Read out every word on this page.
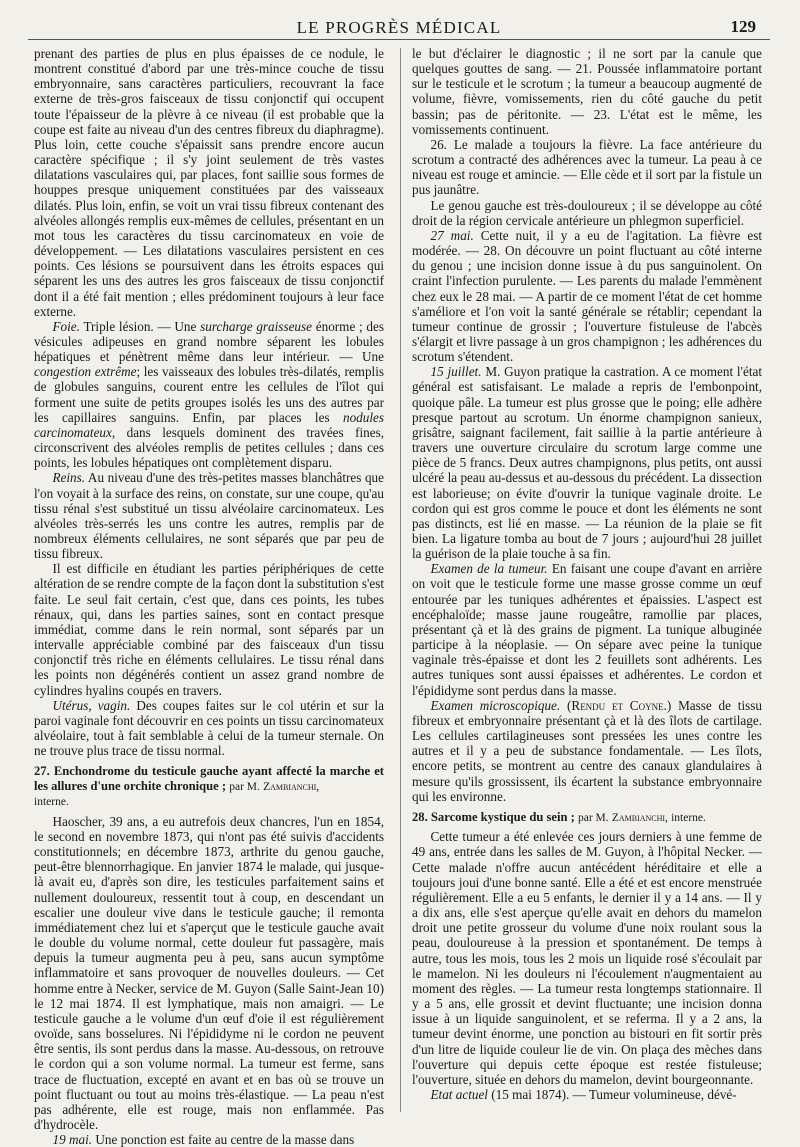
LE PROGRÈS MÉDICAL	129

prenant des parties de plus en plus épaisses de ce nodule, le montrent constitué d'abord par une très-mince couche de tissu embryonnaire, sans caractères particuliers, recouvrant la face externe de très-gros faisceaux de tissu conjonctif qui occupent toute l'épaisseur de la plèvre à ce niveau (il est probable que la coupe est faite au niveau d'un des centres fibreux du diaphragme). Plus loin, cette couche s'épaissit sans prendre encore aucun caractère spécifique ; il s'y joint seulement de très vastes dilatations vasculaires qui, par places, font saillie sous formes de houppes presque uniquement constituées par des vaisseaux dilatés. Plus loin, enfin, se voit un vrai tissu fibreux contenant des alvéoles allongés remplis eux-mêmes de cellules, présentant en un mot tous les caractères du tissu carcinomateux en voie de développement. — Les dilatations vasculaires persistent en ces points. Ces lésions se poursuivent dans les étroits espaces qui séparent les uns des autres les gros faisceaux de tissu conjonctif dont il a été fait mention ; elles prédominent toujours à leur face externe.

Foie. Triple lésion. — Une surcharge graisseuse énorme ; des vésicules adipeuses en grand nombre séparent les lobules hépatiques et pénètrent même dans leur intérieur. — Une congestion extrême; les vaisseaux des lobules très-dilatés, remplis de globules sanguins, courent entre les cellules de l'îlot qui forment une suite de petits groupes isolés les uns des autres par les capillaires sanguins. Enfin, par places les nodules carcinomateux, dans lesquels dominent des travées fines, circonscrivent des alvéoles remplis de petites cellules ; dans ces points, les lobules hépatiques ont complètement disparu.

Reins. Au niveau d'une des très-petites masses blanchâtres que l'on voyait à la surface des reins, on constate, sur une coupe, qu'au tissu rénal s'est substitué un tissu alvéolaire carcinomateux. Les alvéoles très-serrés les uns contre les autres, remplis par de nombreux éléments cellulaires, ne sont séparés que par peu de tissu fibreux.

Il est difficile en étudiant les parties périphériques de cette altération de se rendre compte de la façon dont la substitution s'est faite. Le seul fait certain, c'est que, dans ces points, les tubes rénaux, qui, dans les parties saines, sont en contact presque immédiat, comme dans le rein normal, sont séparés par un intervalle appréciable combiné par des faisceaux d'un tissu conjonctif très riche en éléments cellulaires. Le tissu rénal dans les points non dégénérés contient un assez grand nombre de cylindres hyalins coupés en travers.

Utérus, vagin. Des coupes faites sur le col utérin et sur la paroi vaginale font découvrir en ces points un tissu carcinomateux alvéolaire, tout à fait semblable à celui de la tumeur sternale. On ne trouve plus trace de tissu normal.

27. Enchondrome du testicule gauche ayant affecté la marche et les allures d'une orchite chronique ; par M. Zambianchi,
interne.

Haoscher, 39 ans, a eu autrefois deux chancres, l'un en 1854, le second en novembre 1873, qui n'ont pas été suivis d'accidents constitutionnels; en décembre 1873, arthrite du genou gauche, peut-être blennorrhagique. En janvier 1874 le malade, qui jusque-là avait eu, d'après son dire, les testicules parfaitement sains et nullement douloureux, ressentit tout à coup, en descendant un escalier une douleur vive dans le testicule gauche; il remonta immédiatement chez lui et s'aperçut que le testicule gauche avait le double du volume normal, cette douleur fut passagère, mais depuis la tumeur augmenta peu à peu, sans aucun symptôme inflammatoire et sans provoquer de nouvelles douleurs. — Cet homme entre à Necker, service de M. Guyon (Salle Saint-Jean 10) le 12 mai 1874. Il est lymphatique, mais non amaigri. — Le testicule gauche a le volume d'un œuf d'oie il est régulièrement ovoïde, sans bosselures. Ni l'épididyme ni le cordon ne peuvent être sentis, ils sont perdus dans la masse. Au-dessous, on retrouve le cordon qui a son volume normal. La tumeur est ferme, sans trace de fluctuation, excepté en avant et en bas où se trouve un point fluctuant ou tout au moins très-élastique. — La peau n'est pas adhérente, elle est rouge, mais non enflammée. Pas d'hydrocèle.

19 mai. Une ponction est faite au centre de la masse dans

le but d'éclairer le diagnostic ; il ne sort par la canule que quelques gouttes de sang. — 21. Poussée inflammatoire portant sur le testicule et le scrotum ; la tumeur a beaucoup augmenté de volume, fièvre, vomissements, rien du côté gauche du petit bassin; pas de péritonite. — 23. L'état est le même, les vomissements continuent.

26. Le malade a toujours la fièvre. La face antérieure du scrotum a contracté des adhérences avec la tumeur. La peau à ce niveau est rouge et amincie. — Elle cède et il sort par la fistule un pus jaunâtre.

Le genou gauche est très-douloureux ; il se développe au côté droit de la région cervicale antérieure un phlegmon superficiel.

27 mai. Cette nuit, il y a eu de l'agitation. La fièvre est modérée. — 28. On découvre un point fluctuant au côté interne du genou ; une incision donne issue à du pus sanguinolent. On craint l'infection purulente. — Les parents du malade l'emmènent chez eux le 28 mai. — A partir de ce moment l'état de cet homme s'améliore et l'on voit la santé générale se rétablir; cependant la tumeur continue de grossir ; l'ouverture fistuleuse de l'abcès s'élargit et livre passage à un gros champignon ; les adhérences du scrotum s'étendent.

15 juillet. M. Guyon pratique la castration. A ce moment l'état général est satisfaisant. Le malade a repris de l'embonpoint, quoique pâle. La tumeur est plus grosse que le poing; elle adhère presque partout au scrotum. Un énorme champignon sanieux, grisâtre, saignant facilement, fait saillie à la partie antérieure à travers une ouverture circulaire du scrotum large comme une pièce de 5 francs. Deux autres champignons, plus petits, ont aussi ulcéré la peau au-dessus et au-dessous du précédent. La dissection est laborieuse; on évite d'ouvrir la tunique vaginale droite. Le cordon qui est gros comme le pouce et dont les éléments ne sont pas distincts, est lié en masse. — La réunion de la plaie se fit bien. La ligature tomba au bout de 7 jours ; aujourd'hui 28 juillet la guérison de la plaie touche à sa fin.

Examen de la tumeur. En faisant une coupe d'avant en arrière on voit que le testicule forme une masse grosse comme un œuf entourée par les tuniques adhérentes et épaissies. L'aspect est encéphaloïde; masse jaune rougeâtre, ramollie par places, présentant çà et là des grains de pigment. La tunique albuginée participe à la néoplasie. — On sépare avec peine la tunique vaginale très-épaisse et dont les 2 feuillets sont adhérents. Les autres tuniques sont aussi épaisses et adhérentes. Le cordon et l'épididyme sont perdus dans la masse.

Examen microscopique. (Rendu et Coyne.) Masse de tissu fibreux et embryonnaire présentant çà et là des îlots de cartilage. Les cellules cartilagineuses sont pressées les unes contre les autres et il y a peu de substance fondamentale. — Les îlots, encore petits, se montrent au centre des canaux glandulaires à mesure qu'ils grossissent, ils écartent la substance embryonnaire qui les environne.

28. Sarcome kystique du sein ; par M. Zambianchi, interne.

Cette tumeur a été enlevée ces jours derniers à une femme de 49 ans, entrée dans les salles de M. Guyon, à l'hôpital Necker. — Cette malade n'offre aucun antécédent héréditaire et elle a toujours joui d'une bonne santé. Elle a été et est encore menstruée régulièrement. Elle a eu 5 enfants, le dernier il y a 14 ans. — Il y a dix ans, elle s'est aperçue qu'elle avait en dehors du mamelon droit une petite grosseur du volume d'une noix roulant sous la peau, douloureuse à la pression et spontanément. De temps à autre, tous les mois, tous les 2 mois un liquide rosé s'écoulait par le mamelon. Ni les douleurs ni l'écoulement n'augmentaient au moment des règles. — La tumeur resta longtemps stationnaire. Il y a 5 ans, elle grossit et devint fluctuante; une incision donna issue à un liquide sanguinolent, et se referma. Il y a 2 ans, la tumeur devint énorme, une ponction au bistouri en fit sortir près d'un litre de liquide couleur lie de vin. On plaça des mèches dans l'ouverture qui depuis cette époque est restée fistuleuse; l'ouverture, située en dehors du mamelon, devint bourgeonnante.

Etat actuel (15 mai 1874). — Tumeur volumineuse, dévé-
